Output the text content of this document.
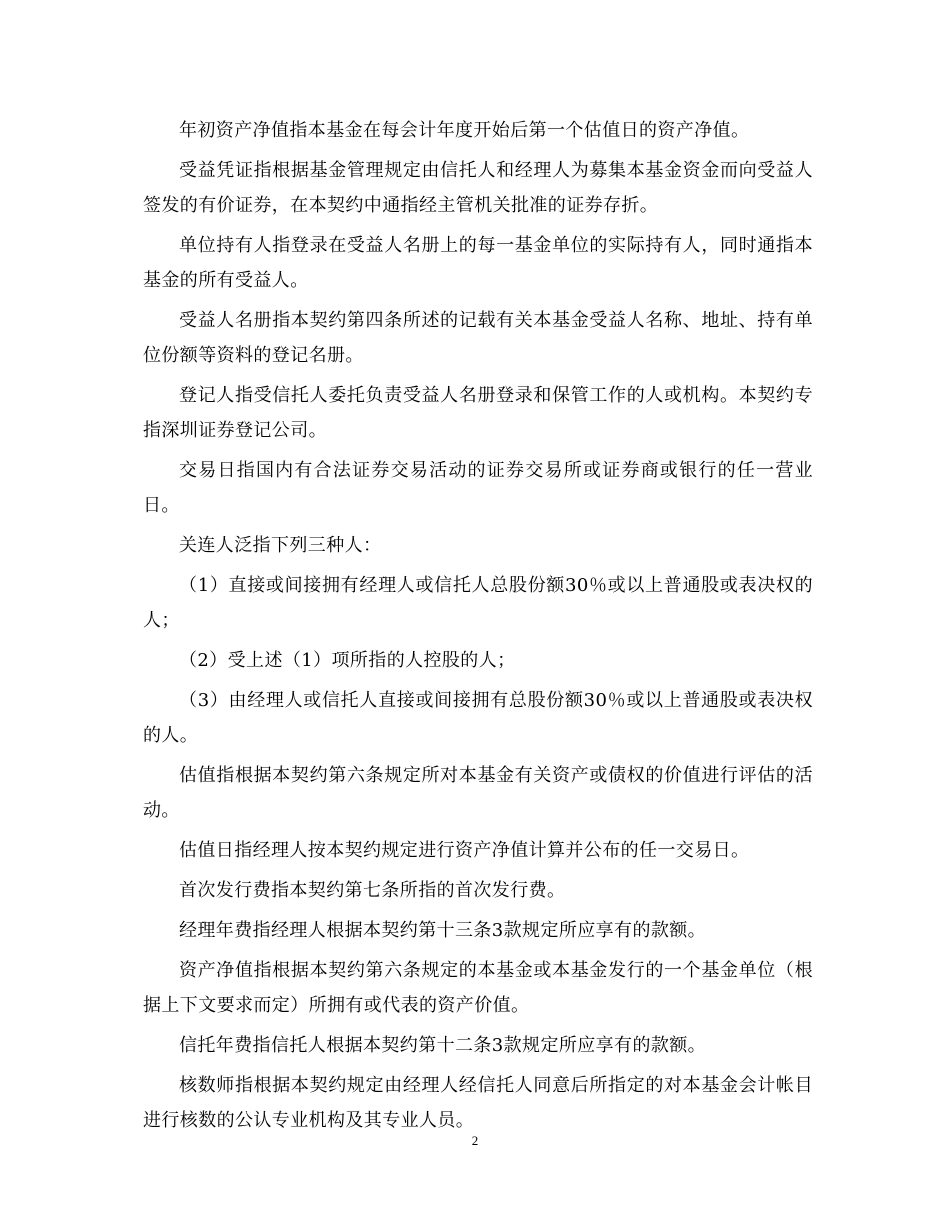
年初资产净值指本基金在每会计年度开始后第一个估值日的资产净值。

受益凭证指根据基金管理规定由信托人和经理人为募集本基金资金而向受益人签发的有价证券，在本契约中通指经主管机关批准的证券存折。

单位持有人指登录在受益人名册上的每一基金单位的实际持有人，同时通指本基金的所有受益人。

受益人名册指本契约第四条所述的记载有关本基金受益人名称、地址、持有单位份额等资料的登记名册。

登记人指受信托人委托负责受益人名册登录和保管工作的人或机构。本契约专指深圳证券登记公司。

交易日指国内有合法证券交易活动的证券交易所或证券商或银行的任一营业日。

关连人泛指下列三种人：

（1）直接或间接拥有经理人或信托人总股份额30％或以上普通股或表决权的人；

（2）受上述（1）项所指的人控股的人；

（3）由经理人或信托人直接或间接拥有总股份额30％或以上普通股或表决权的人。

估值指根据本契约第六条规定所对本基金有关资产或债权的价值进行评估的活动。

估值日指经理人按本契约规定进行资产净值计算并公布的任一交易日。

首次发行费指本契约第七条所指的首次发行费。

经理年费指经理人根据本契约第十三条3款规定所应享有的款额。

资产净值指根据本契约第六条规定的本基金或本基金发行的一个基金单位（根据上下文要求而定）所拥有或代表的资产价值。

信托年费指信托人根据本契约第十二条3款规定所应享有的款额。

核数师指根据本契约规定由经理人经信托人同意后所指定的对本基金会计帐目进行核数的公认专业机构及其专业人员。

2
